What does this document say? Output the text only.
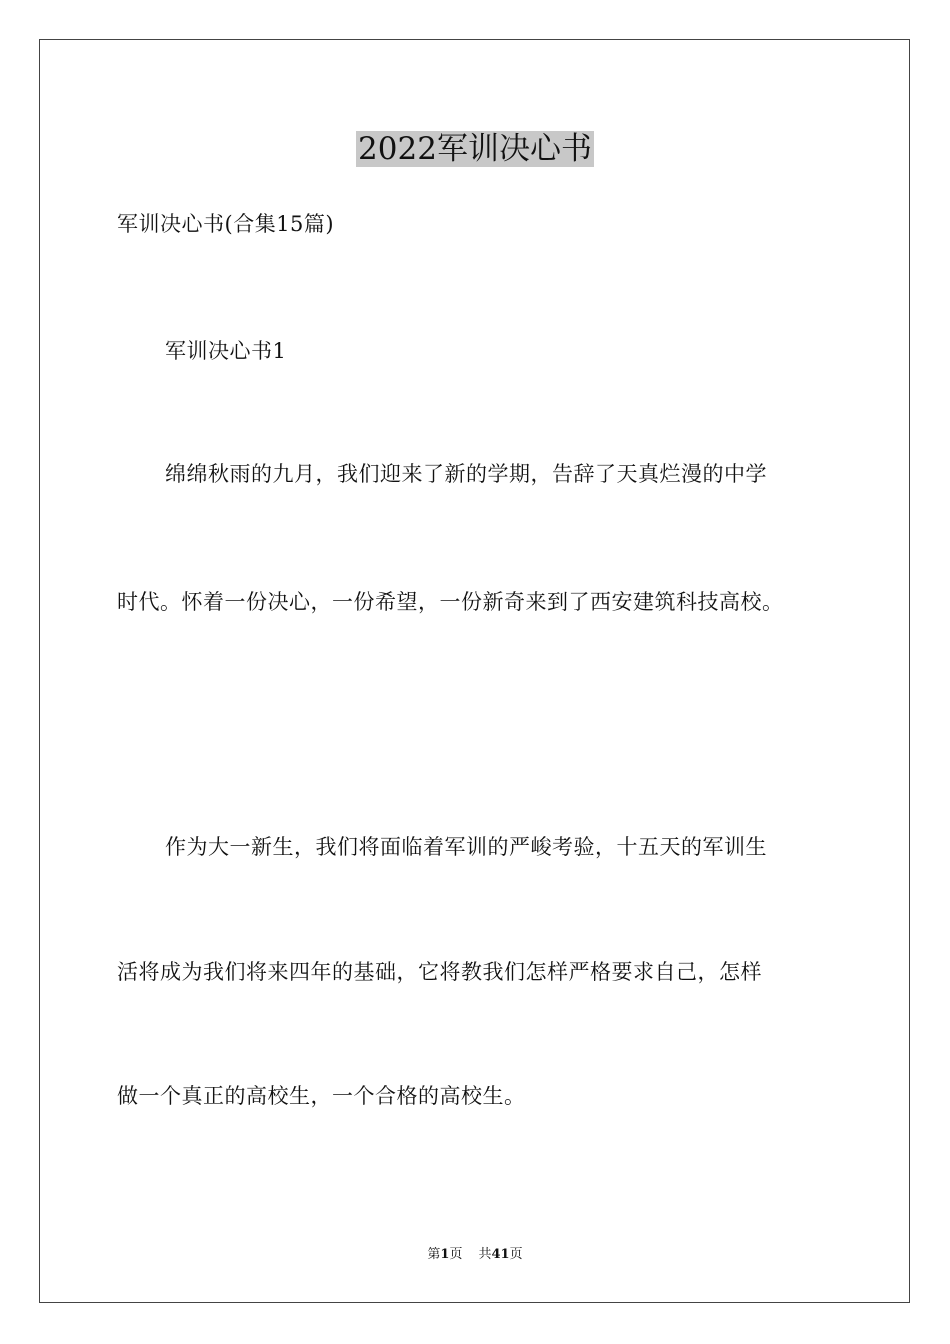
2022军训决心书
军训决心书(合集15篇)
军训决心书1
绵绵秋雨的九月，我们迎来了新的学期，告辞了天真烂漫的中学
时代。怀着一份决心，一份希望，一份新奇来到了西安建筑科技高校。
作为大一新生，我们将面临着军训的严峻考验，十五天的军训生
活将成为我们将来四年的基础，它将教我们怎样严格要求自己，怎样
做一个真正的高校生，一个合格的高校生。
第1页 共41页
